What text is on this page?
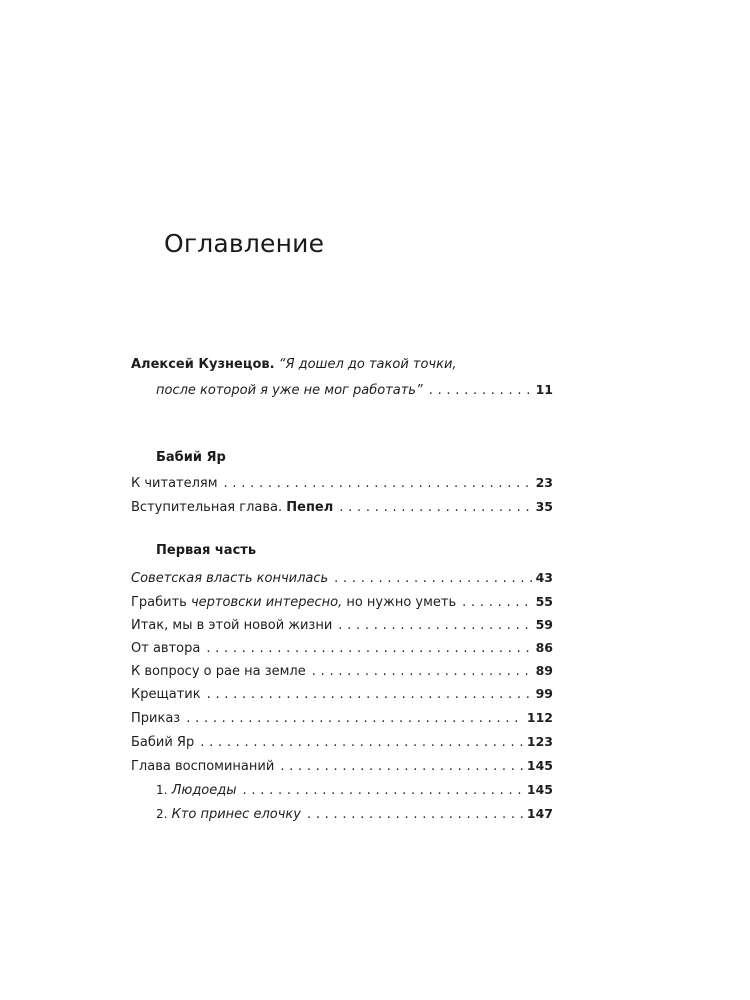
Оглавление
Алексей Кузнецов. “Я дошел до такой точки,
после которой я уже не мог работать” . . .	11
Бабий Яр
К читателям . . .	23
Вступительная глава. Пепел . . .	35
Первая часть
Советская власть кончилась . . .	43
Грабить чертовски интересно, но нужно уметь . . .	55
Итак, мы в этой новой жизни . . .	59
От автора . . .	86
К вопросу о рае на земле . . .	89
Крещатик . . .	99
Приказ . . .	112
Бабий Яр . . .	123
Глава воспоминаний . . .	145
1. Людоеды . . .	145
2. Кто принес елочку . . .	147
